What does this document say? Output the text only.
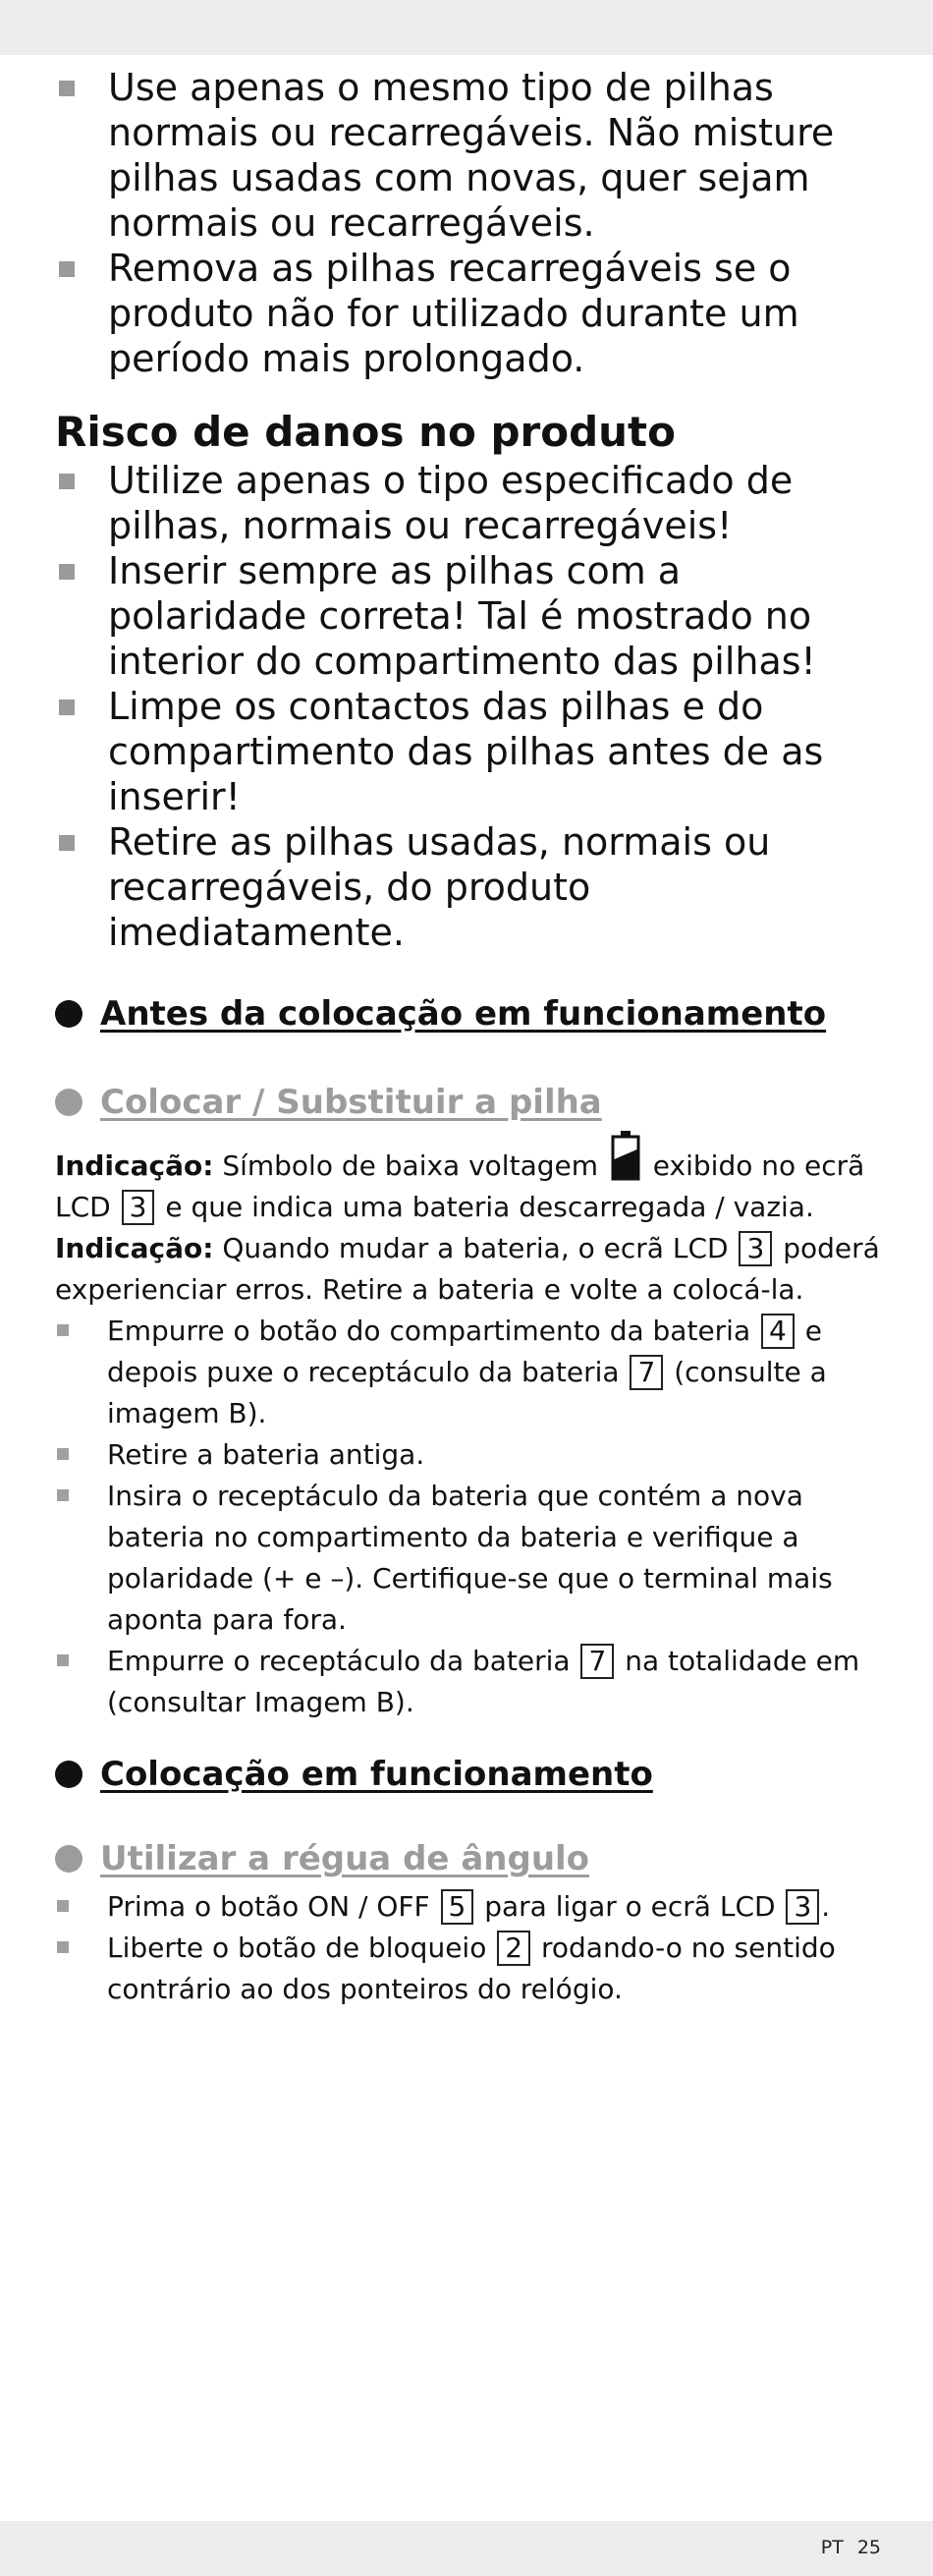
Use apenas o mesmo tipo de pilhas normais ou recarregáveis. Não misture pilhas usadas com novas, quer sejam normais ou recarregáveis.
Remova as pilhas recarregáveis se o produto não for utilizado durante um período mais prolongado.
Risco de danos no produto
Utilize apenas o tipo especificado de pilhas, normais ou recarregáveis!
Inserir sempre as pilhas com a polaridade correta! Tal é mostrado no interior do compartimento das pilhas!
Limpe os contactos das pilhas e do compartimento das pilhas antes de as inserir!
Retire as pilhas usadas, normais ou recarregáveis, do produto imediatamente.
Antes da colocação em funcionamento
Colocar / Substituir a pilha

Indicação: Símbolo de baixa voltagem  exibido no ecrã LCD 3 e que indica uma bateria descarregada / vazia.

Indicação: Quando mudar a bateria, o ecrã LCD 3 poderá experienciar erros. Retire a bateria e volte a colocá-la.

Empurre o botão do compartimento da bateria 4 e depois puxe o receptáculo da bateria 7 (consulte a imagem B).
Retire a bateria antiga.
Insira o receptáculo da bateria que contém a nova bateria no compartimento da bateria e verifique a polaridade (+ e –). Certifique-se que o terminal mais aponta para fora.
Empurre o receptáculo da bateria 7 na totalidade em (consultar Imagem B).
Colocação em funcionamento
Utilizar a régua de ângulo
Prima o botão ON / OFF 5 para ligar o ecrã LCD 3 .
Liberte o botão de bloqueio 2 rodando-o no sentido contrário ao dos ponteiros do relógio.
PT 25
